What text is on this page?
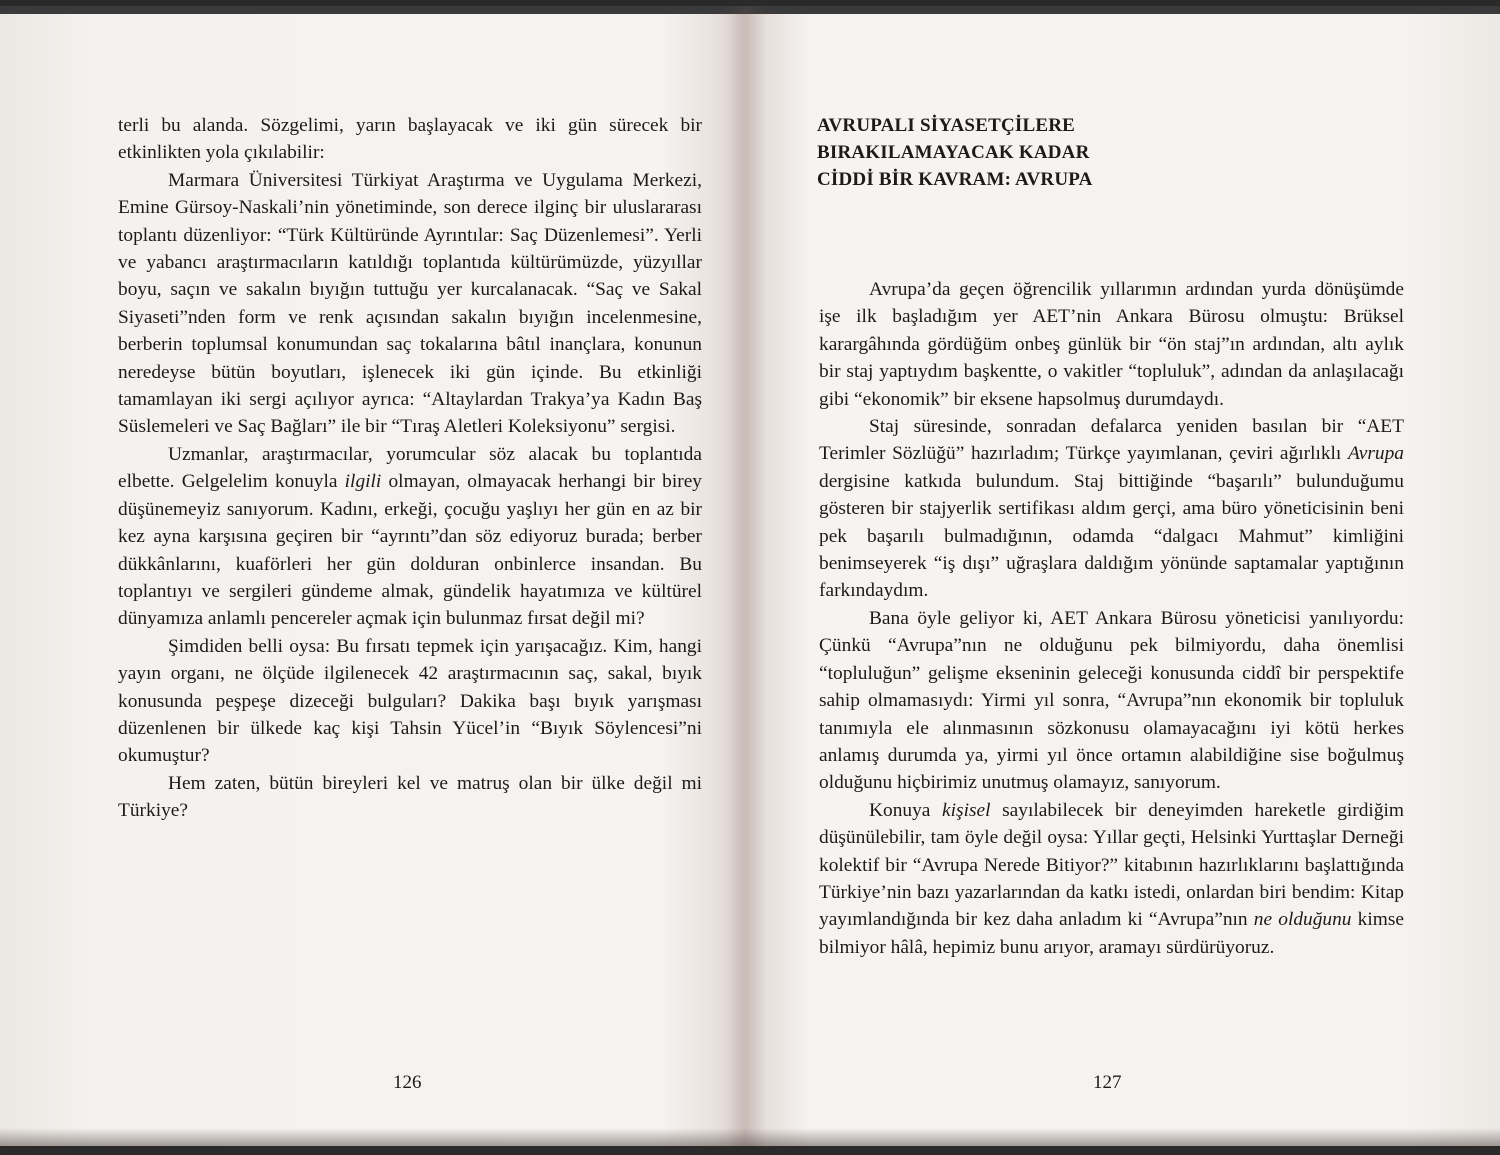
terli bu alanda. Sözgelimi, yarın başlayacak ve iki gün sürecek bir etkinlikten yola çıkılabilir:

Marmara Üniversitesi Türkiyat Araştırma ve Uygulama Merkezi, Emine Gürsoy-Naskali’nin yönetiminde, son derece ilginç bir uluslararası toplantı düzenliyor: “Türk Kültüründe Ayrıntılar: Saç Düzenlemesi”. Yerli ve yabancı araştırmacıların katıldığı toplantıda kültürümüzde, yüzyıllar boyu, saçın ve sakalın bıyığın tuttuğu yer kurcalanacak. “Saç ve Sakal Siyaseti”nden form ve renk açısından sakalın bıyığın incelenmesine, berberin toplumsal konumundan saç tokalarına bâtıl inançlara, konunun neredeyse bütün boyutları, işlenecek iki gün içinde. Bu etkinliği tamamlayan iki sergi açılıyor ayrıca: “Altaylardan Trakya’ya Kadın Baş Süslemeleri ve Saç Bağları” ile bir “Tıraş Aletleri Koleksiyonu” sergisi.

Uzmanlar, araştırmacılar, yorumcular söz alacak bu toplantıda elbette. Gelgelelim konuyla ilgili olmayan, olmayacak herhangi bir birey düşünemeyiz sanıyorum. Kadını, erkeği, çocuğu yaşlıyı her gün en az bir kez ayna karşısına geçiren bir “ayrıntı”dan söz ediyoruz burada; berber dükkânlarını, kuaförleri her gün dolduran onbinlerce insandan. Bu toplantıyı ve sergileri gündeme almak, gündelik hayatımıza ve kültürel dünyamıza anlamlı pencereler açmak için bulunmaz fırsat değil mi?

Şimdiden belli oysa: Bu fırsatı tepmek için yarışacağız. Kim, hangi yayın organı, ne ölçüde ilgilenecek 42 araştırmacının saç, sakal, bıyık konusunda peşpeşe dizeceği bulguları? Dakika başı bıyık yarışması düzenlenen bir ülkede kaç kişi Tahsin Yücel’in “Bıyık Söylencesi”ni okumuştur?

Hem zaten, bütün bireyleri kel ve matruş olan bir ülke değil mi Türkiye?

126
AVRUPALI SİYASETÇİLERE
BIRAKILAMAYACAK KADAR
CİDDİ BİR KAVRAM: AVRUPA

Avrupa’da geçen öğrencilik yıllarımın ardından yurda dönüşümde işe ilk başladığım yer AET’nin Ankara Bürosu olmuştu: Brüksel karargâhında gördüğüm onbeş günlük bir “ön staj”ın ardından, altı aylık bir staj yaptıydım başkentte, o vakitler “topluluk”, adından da anlaşılacağı gibi “ekonomik” bir eksene hapsolmuş durumdaydı.

Staj süresinde, sonradan defalarca yeniden basılan bir “AET Terimler Sözlüğü” hazırladım; Türkçe yayımlanan, çeviri ağırlıklı Avrupa dergisine katkıda bulundum. Staj bittiğinde “başarılı” bulunduğumu gösteren bir stajyerlik sertifikası aldım gerçi, ama büro yöneticisinin beni pek başarılı bulmadığının, odamda “dalgacı Mahmut” kimliğini benimseyerek “iş dışı” uğraşlara daldığım yönünde saptamalar yaptığının farkındaydım.

Bana öyle geliyor ki, AET Ankara Bürosu yöneticisi yanılıyordu: Çünkü “Avrupa”nın ne olduğunu pek bilmiyordu, daha önemlisi “topluluğun” gelişme ekseninin geleceği konusunda ciddî bir perspektife sahip olmamasıydı: Yirmi yıl sonra, “Avrupa”nın ekonomik bir topluluk tanımıyla ele alınmasının sözkonusu olamayacağını iyi kötü herkes anlamış durumda ya, yirmi yıl önce ortamın alabildiğine sise boğulmuş olduğunu hiçbirimiz unutmuş olamayız, sanıyorum.

Konuya kişisel sayılabilecek bir deneyimden hareketle girdiğim düşünülebilir, tam öyle değil oysa: Yıllar geçti, Helsinki Yurttaşlar Derneği kolektif bir “Avrupa Nerede Bitiyor?” kitabının hazırlıklarını başlattığında Türkiye’nin bazı yazarlarından da katkı istedi, onlardan biri bendim: Kitap yayımlandığında bir kez daha anladım ki “Avrupa”nın ne olduğunu kimse bilmiyor hâlâ, hepimiz bunu arıyor, aramayı sürdürüyoruz.

127
